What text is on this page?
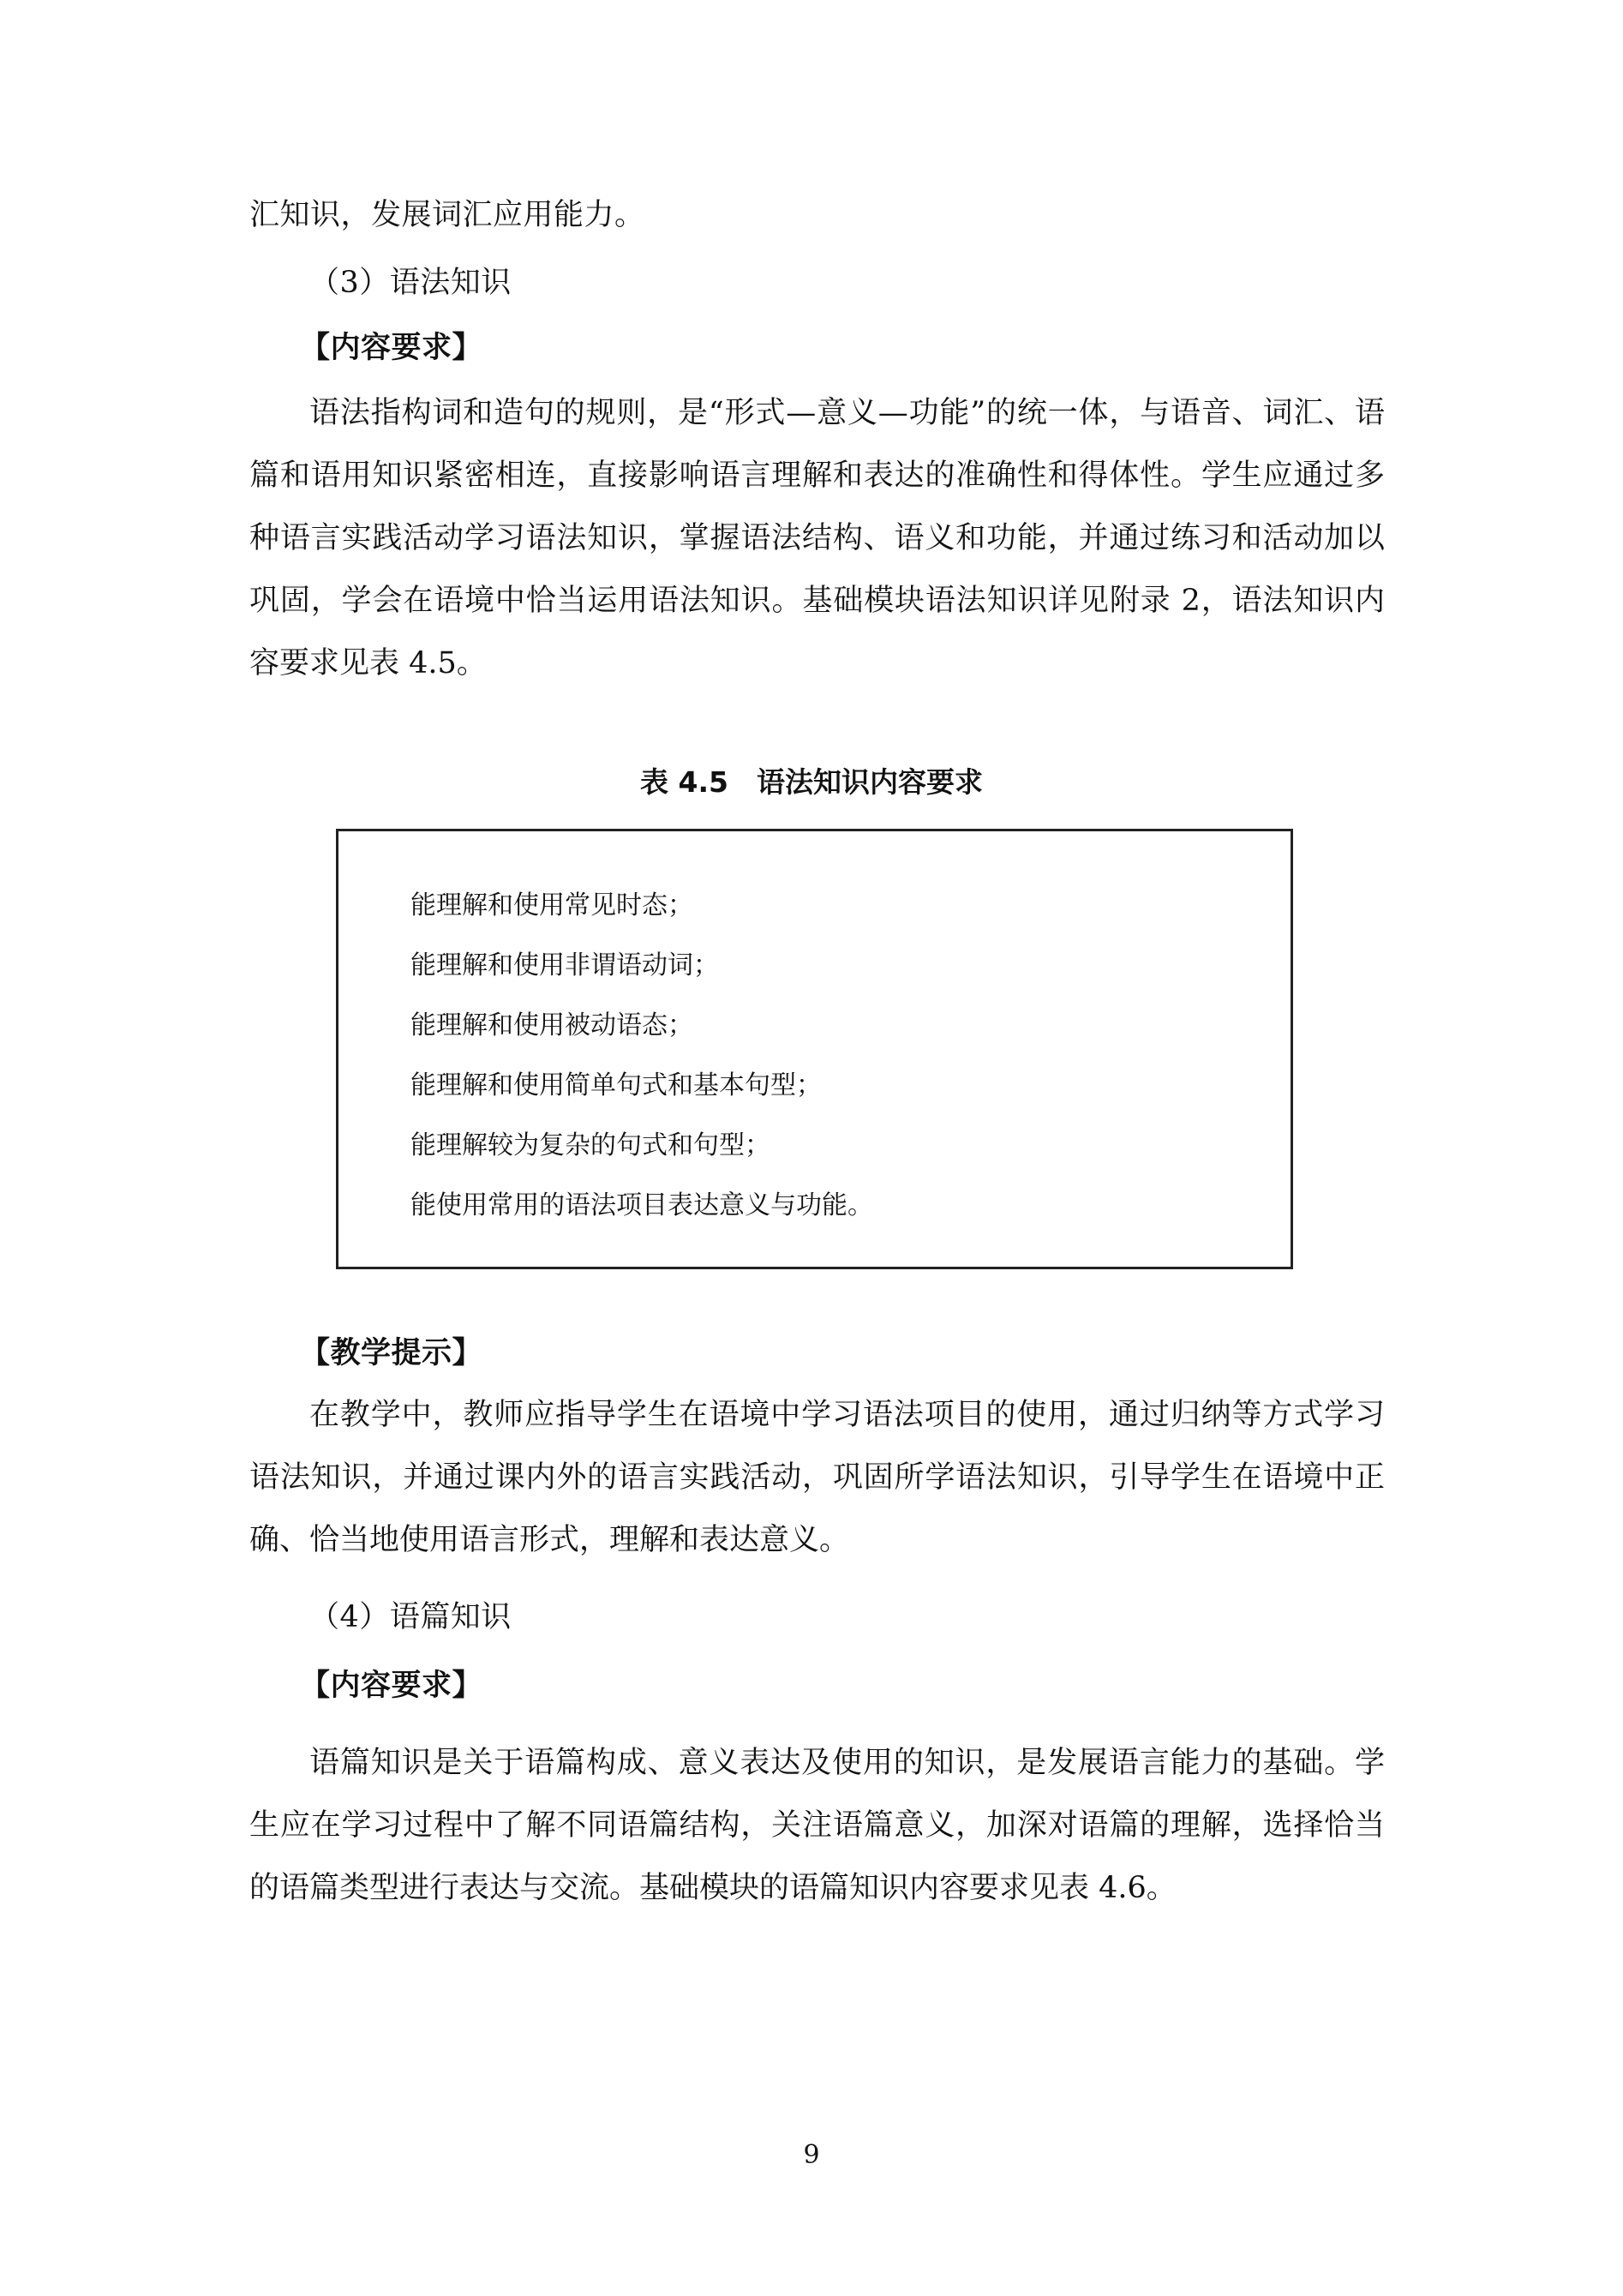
汇知识，发展词汇应用能力。
（3）语法知识
【内容要求】

语法指构词和造句的规则，是“形式—意义—功能”的统一体，与语音、词汇、语篇和语用知识紧密相连，直接影响语言理解和表达的准确性和得体性。学生应通过多种语言实践活动学习语法知识，掌握语法结构、语义和功能，并通过练习和活动加以巩固，学会在语境中恰当运用语法知识。基础模块语法知识详见附录 2，语法知识内容要求见表 4.5。

表 4.5　语法知识内容要求
能理解和使用常见时态；
能理解和使用非谓语动词；
能理解和使用被动语态；
能理解和使用简单句式和基本句型；
能理解较为复杂的句式和句型；
能使用常用的语法项目表达意义与功能。
【教学提示】

在教学中，教师应指导学生在语境中学习语法项目的使用，通过归纳等方式学习语法知识，并通过课内外的语言实践活动，巩固所学语法知识，引导学生在语境中正确、恰当地使用语言形式，理解和表达意义。

（4）语篇知识
【内容要求】

语篇知识是关于语篇构成、意义表达及使用的知识，是发展语言能力的基础。学生应在学习过程中了解不同语篇结构，关注语篇意义，加深对语篇的理解，选择恰当的语篇类型进行表达与交流。基础模块的语篇知识内容要求见表 4.6。

9
